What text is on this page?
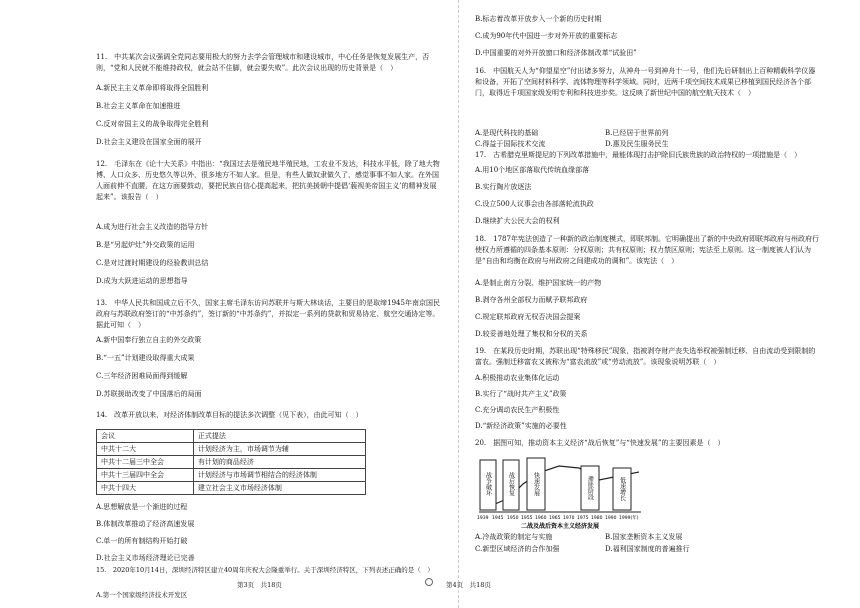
11.　中共某次会议强调全党同志要用极大的努力去学会管理城市和建设城市，中心任务是恢复发展生产，否则，“党和人民就不能维持政权，就会站不住脚，就会要失败”。此次会议出现的历史背景是（　）

A.新民主主义革命即将取得全国胜利

B.社会主义革命在加速推进

C.反对帝国主义的战争取得完全胜利

D.社会主义建设在国家全面的展开

12.　毛泽东在《论十大关系》中指出：“我国过去是殖民地半殖民地，工农业不发达，科技水平低，除了地大物博、人口众多、历史悠久等以外，很多地方不如人家。但是，有些人做奴隶做久了，感觉事事不如人家。在外国人面前伸不直腰，在这方面要鼓动，要把民族自信心提高起来，把抗美援朝中提倡‘藐视美帝国主义’的精神发展起来”。该报告（　）

A.成为进行社会主义改造的指导方针

B.是“另起炉灶”外交政策的运用

C.是对过渡时期建设的经验教训总结

D.成为大跃进运动的思想指导

13.　中华人民共和国成立后不久，国家主席毛泽东访问苏联并与斯大林谈话，主要目的是取缔1945年南京国民政府与苏联政府签订的“中苏条约”，签订新的“中苏条约”，并拟定一系列的贷款和贸易协定、航空交通协定等。据此可知（　）

A.新中国奉行独立自主的外交政策

B.“一五”计划建设取得重大成果

C.三年经济困难局面得到缓解

D.苏联援助改变了中国落后的局面

14.　改革开放以来，对经济体制改革目标的提法多次调整（见下表），由此可知（　）

会议	正式提法
中共十二大	计划经济为主，市场调节为辅
中共十二届三中全会	有计划的商品经济
中共十三届四中全会	计划经济与市场调节相结合的经济体制
中共十四大	建立社会主义市场经济体制

A.思想解放是一个渐进的过程

B.体制改革推动了经济高速发展

C.单一的所有制结构开始打破

D.社会主义市场经济理论已完善

15.　2020年10月14日，深圳经济特区建立40周年庆祝大会隆重举行。关于深圳经济特区，下列表述正确的是（　）

A.第一个国家级经济技术开发区

第3页　共18页	第4页　共18页

B.标志着改革开放步入一个新的历史时期

C.成为90年代中国进一步对外开放的重要标志

D.中国重要的对外开放窗口和经济体制改革“试验田”

16.　中国航天人为“仰望星空”付出诸多努力，从神舟一号到神舟十一号，他们先后研制出上百种精载科学仪器和设备，开拓了空间材料科学、流体物理等科学领域。同时，近两千项空间技术成果已移植到国民经济各个部门，取得近千项国家级发明专利和科技进步奖。这反映了新世纪中国的航空航天技术（　）

A.是现代科技的基础	B.已经居于世界前列
C.得益于国际技术交流	D.惠及民生服务民生

17.　古希腊克里斯提尼的下列改革措施中，最能体现打击护除旧氏族贵族的政治特权的一项措施是（　）

A.用10个地区部落取代传统血缘部落

B.实行陶片放逐法

C.设立500人议事会由各部落轮流执政

D.继续扩大公民大会的权利

18.　1787年宪法创造了一种新的政治制度模式，即联邦制。它明确提出了新的中央政府即联邦政府与州政府行使权力所遵循的四条基本原则：分权原则；共有权原则；权力禁区原则；宪法至上原则。这一制度被人们认为是“自由和均衡在政府与州政府之间建成功的调和”。该宪法（　）

A.是制止南方分裂、维护国家统一的产物

B.剥夺各州全部权力而赋予联邦政府

C.规定联邦政府无权否决国会提案

D.较妥善地处理了集权和分权的关系

19.　在某段历史时期，苏联出现“特殊移民”现象，指被剥夺财产丧失选举权被强制迁移、自由流动受到限制的富农。强制迁移富农又被称为“富农流放”或“劳动流放”。该现象说明苏联（　）

A.积极推动农业集体化运动

B.实行了“战时共产主义”政策

C.充分调动农民生产积极性

D.“新经济政策”实施的必要性

20.　据图可知，推动资本主义经济“战后恢复”与“快速发展”的主要因素是（　）

战争破坏	战后恢复	快速发展	滞胀阶段	低速增长
1939 1945 1950 1955 1960 1965 1970 1975 1980 1990 1999(年)
二战及战后资本主义经济发展
A.冷战政策的制定与实施	B.国家垄断资本主义发展
C.新型区域经济的合作加强	D.福利国家制度的普遍推行
